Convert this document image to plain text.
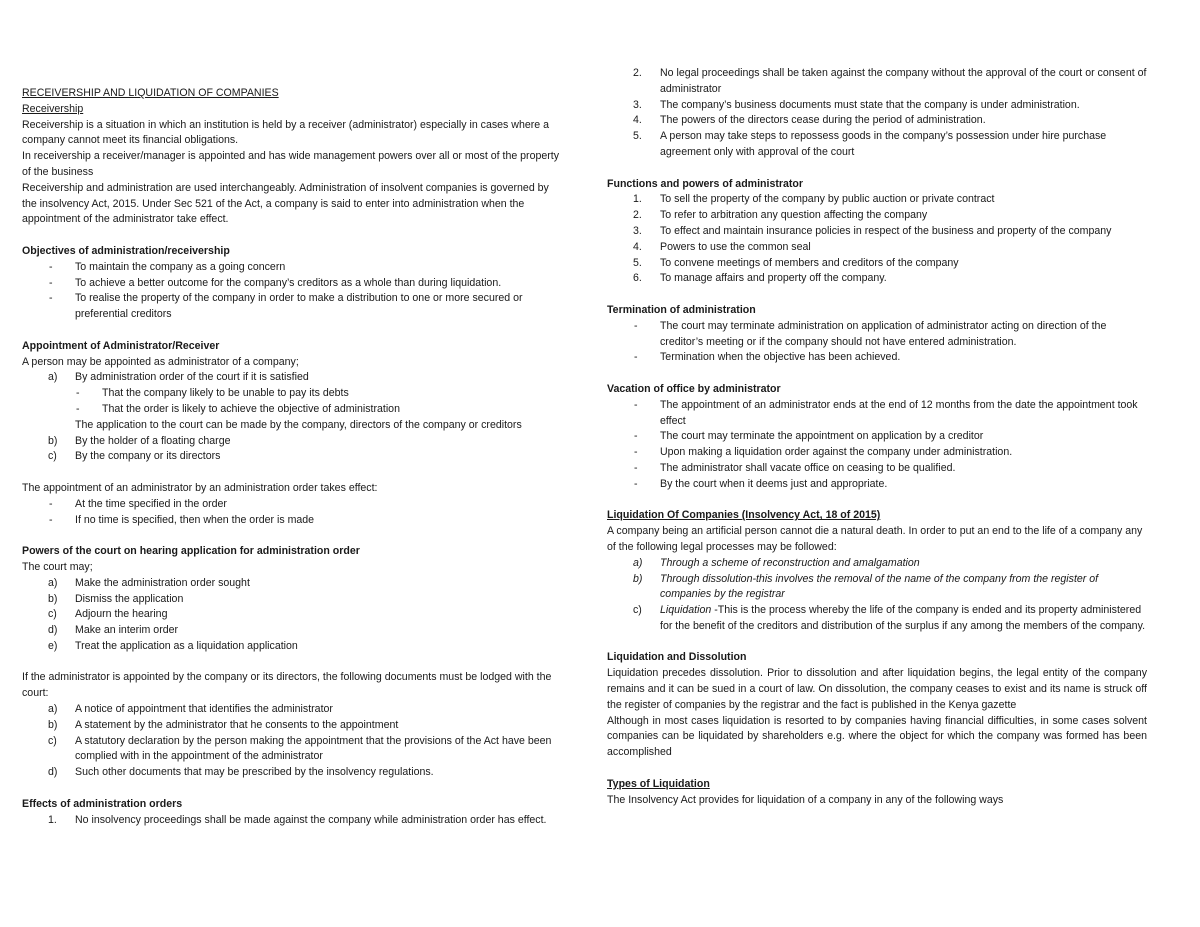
RECEIVERSHIP AND LIQUIDATION OF COMPANIES

Receivership

Receivership is a situation in which an institution is held by a receiver (administrator) especially in cases where a company cannot meet its financial obligations.

In receivership a receiver/manager is appointed and has wide management powers over all or most of the property of the business

Receivership and administration are used interchangeably. Administration of insolvent companies is governed by the insolvency Act, 2015. Under Sec 521 of the Act, a company is said to enter into administration when the appointment of the administrator take effect.

Objectives of administration/receivership

- To maintain the company as a going concern
- To achieve a better outcome for the company’s creditors as a whole than during liquidation.
- To realise the property of the company in order to make a distribution to one or more secured or preferential creditors

Appointment of Administrator/Receiver

A person may be appointed as administrator of a company;

a) By administration order of the court if it is satisfied
- That the company likely to be unable to pay its debts
- That the order is likely to achieve the objective of administration

The application to the court can be made by the company, directors of the company or creditors

b) By the holder of a floating charge
c) By the company or its directors

The appointment of an administrator by an administration order takes effect:

- At the time specified in the order
- If no time is specified, then when the order is made

Powers of the court on hearing application for administration order

The court may;

a) Make the administration order sought
b) Dismiss the application
c) Adjourn the hearing
d) Make an interim order
e) Treat the application as a liquidation application

If the administrator is appointed by the company or its directors, the following documents must be lodged with the court:

a) A notice of appointment that identifies the administrator
b) A statement by the administrator that he consents to the appointment
c) A statutory declaration by the person making the appointment that the provisions of the Act have been complied with in the appointment of the administrator
d) Such other documents that may be prescribed by the insolvency regulations.

Effects of administration orders

1. No insolvency proceedings shall be made against the company while administration order has effect.
2. No legal proceedings shall be taken against the company without the approval of the court or consent of administrator
3. The company’s business documents must state that the company is under administration.
4. The powers of the directors cease during the period of administration.
5. A person may take steps to repossess goods in the company’s possession under hire purchase agreement only with approval of the court

Functions and powers of administrator

1. To sell the property of the company by public auction or private contract
2. To refer to arbitration any question affecting the company
3. To effect and maintain insurance policies in respect of the business and property of the company
4. Powers to use the common seal
5. To convene meetings of members and creditors of the company
6. To manage affairs and property off the company.

Termination of administration

- The court may terminate administration on application of administrator acting on direction of the creditor’s meeting or if the company should not have entered administration.
- Termination when the objective has been achieved.

Vacation of office by administrator

- The appointment of an administrator ends at the end of 12 months from the date the appointment took effect
- The court may terminate the appointment on application by a creditor
- Upon making a liquidation order against the company under administration.
- The administrator shall vacate office on ceasing to be qualified.
- By the court when it deems just and appropriate.

Liquidation Of Companies (Insolvency Act, 18 of 2015)

A company being an artificial person cannot die a natural death. In order to put an end to the life of a company any of the following legal processes may be followed:

a) Through a scheme of reconstruction and amalgamation
b) Through dissolution-this involves the removal of the name of the company from the register of companies by the registrar
c) Liquidation -This is the process whereby the life of the company is ended and its property administered for the benefit of the creditors and distribution of the surplus if any among the members of the company.

Liquidation and Dissolution

Liquidation precedes dissolution. Prior to dissolution and after liquidation begins, the legal entity of the company remains and it can be sued in a court of law. On dissolution, the company ceases to exist and its name is struck off the register of companies by the registrar and the fact is published in the Kenya gazette

Although in most cases liquidation is resorted to by companies having financial difficulties, in some cases solvent companies can be liquidated by shareholders e.g. where the object for which the company was formed has been accomplished

Types of Liquidation

The Insolvency Act provides for liquidation of a company in any of the following ways
